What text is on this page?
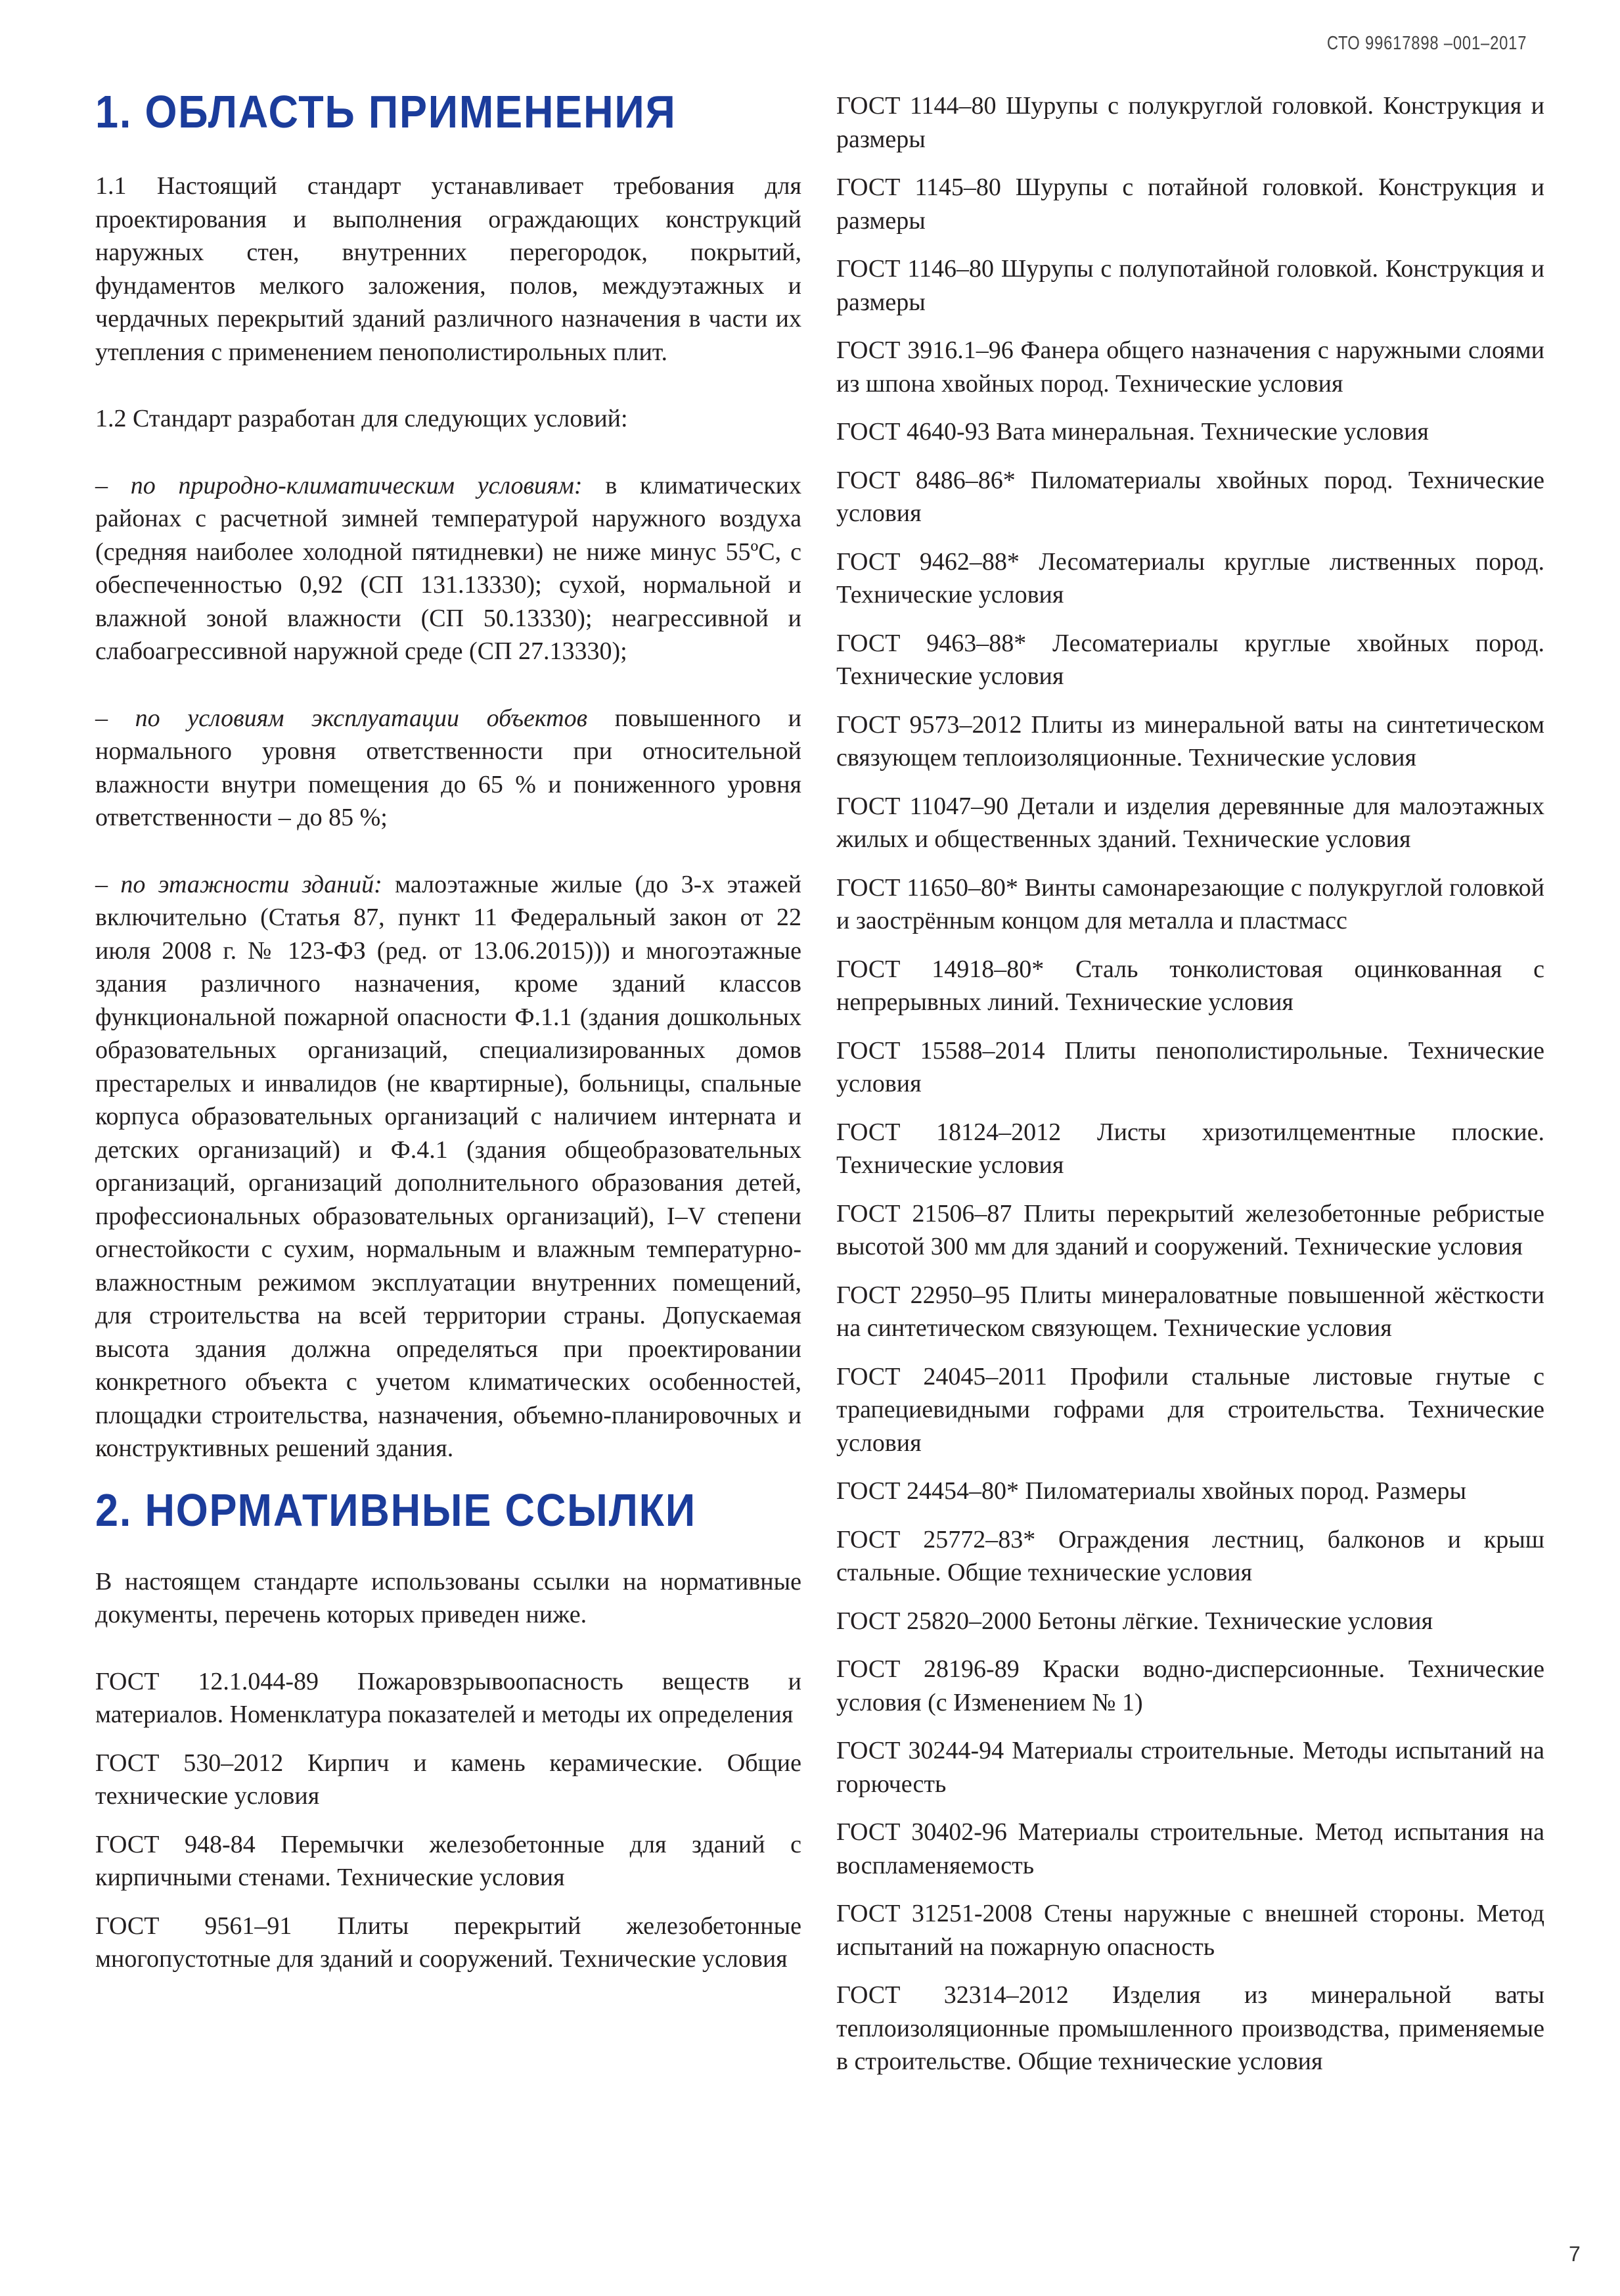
СТО 99617898 –001–2017
1. ОБЛАСТЬ ПРИМЕНЕНИЯ

1.1 Настоящий стандарт устанавливает требования для проектирования и выполнения ограждающих конструкций наружных стен, внутренних перегородок, покрытий, фундаментов мелкого заложения, полов, междуэтажных и чердачных перекрытий зданий различного назначения в части их утепления с применением пенополистирольных плит.

1.2 Стандарт разработан для следующих условий:

– по природно-климатическим условиям: в климатических районах с расчетной зимней температурой наружного воздуха (средняя наиболее холодной пятидневки) не ниже минус 55ºС, с обеспеченностью 0,92 (СП 131.13330); сухой, нормальной и влажной зоной влажности (СП 50.13330); неагрессивной и слабоагрессивной наружной среде (СП 27.13330);

– по условиям эксплуатации объектов повышенного и нормального уровня ответственности при относительной влажности внутри помещения до 65 % и пониженного уровня ответственности – до 85 %;

– по этажности зданий: малоэтажные жилые (до 3-х этажей включительно (Статья 87, пункт 11 Федеральный закон от 22 июля 2008 г. № 123-ФЗ (ред. от 13.06.2015))) и многоэтажные здания различного назначения, кроме зданий классов функциональной пожарной опасности Ф.1.1 (здания дошкольных образовательных организаций, специализированных домов престарелых и инвалидов (не квартирные), больницы, спальные корпуса образовательных организаций с наличием интерната и детских организаций) и Ф.4.1 (здания общеобразовательных организаций, организаций дополнительного образования детей, профессиональных образовательных организаций), I–V степени огнестойкости с сухим, нормальным и влажным температурно-влажностным режимом эксплуатации внутренних помещений, для строительства на всей территории страны. Допускаемая высота здания должна определяться при проектировании конкретного объекта с учетом климатических особенностей, площадки строительства, назначения, объемно-планировочных и конструктивных решений здания.

2. НОРМАТИВНЫЕ ССЫЛКИ

В настоящем стандарте использованы ссылки на нормативные документы, перечень которых приведен ниже.

ГОСТ 12.1.044-89 Пожаровзрывоопасность веществ и материалов. Номенклатура показателей и методы их определения

ГОСТ 530–2012 Кирпич и камень керамические. Общие технические условия

ГОСТ 948-84 Перемычки железобетонные для зданий с кирпичными стенами. Технические условия

ГОСТ 9561–91 Плиты перекрытий железобетонные многопустотные для зданий и сооружений. Технические условия

ГОСТ 1144–80 Шурупы с полукруглой головкой. Конструкция и размеры

ГОСТ 1145–80 Шурупы с потайной головкой. Конструкция и размеры

ГОСТ 1146–80 Шурупы с полупотайной головкой. Конструкция и размеры

ГОСТ 3916.1–96 Фанера общего назначения с наружными слоями из шпона хвойных пород. Технические условия

ГОСТ 4640-93 Вата минеральная. Технические условия

ГОСТ 8486–86* Пиломатериалы хвойных пород. Технические условия

ГОСТ 9462–88* Лесоматериалы круглые лиственных пород. Технические условия

ГОСТ 9463–88* Лесоматериалы круглые хвойных пород. Технические условия

ГОСТ 9573–2012 Плиты из минеральной ваты на синтетическом связующем теплоизоляционные. Технические условия

ГОСТ 11047–90 Детали и изделия деревянные для малоэтажных жилых и общественных зданий. Технические условия

ГОСТ 11650–80* Винты самонарезающие с полукруглой головкой и заострённым концом для металла и пластмасс

ГОСТ 14918–80* Сталь тонколистовая оцинкованная с непрерывных линий. Технические условия

ГОСТ 15588–2014 Плиты пенополистирольные. Технические условия

ГОСТ 18124–2012 Листы хризотилцементные плоские. Технические условия

ГОСТ 21506–87 Плиты перекрытий железобетонные ребристые высотой 300 мм для зданий и сооружений. Технические условия

ГОСТ 22950–95 Плиты минераловатные повышенной жёсткости на синтетическом связующем. Технические условия

ГОСТ 24045–2011 Профили стальные листовые гнутые с трапециевидными гофрами для строительства. Технические условия

ГОСТ 24454–80* Пиломатериалы хвойных пород. Размеры

ГОСТ 25772–83* Ограждения лестниц, балконов и крыш стальные. Общие технические условия

ГОСТ 25820–2000 Бетоны лёгкие. Технические условия

ГОСТ 28196-89 Краски водно-дисперсионные. Технические условия (с Изменением № 1)

ГОСТ 30244-94 Материалы строительные. Методы испытаний на горючесть

ГОСТ 30402-96 Материалы строительные. Метод испытания на воспламеняемость

ГОСТ 31251-2008 Стены наружные с внешней стороны. Метод испытаний на пожарную опасность

ГОСТ 32314–2012 Изделия из минеральной ваты теплоизоляционные промышленного производства, применяемые в строительстве. Общие технические условия

7
